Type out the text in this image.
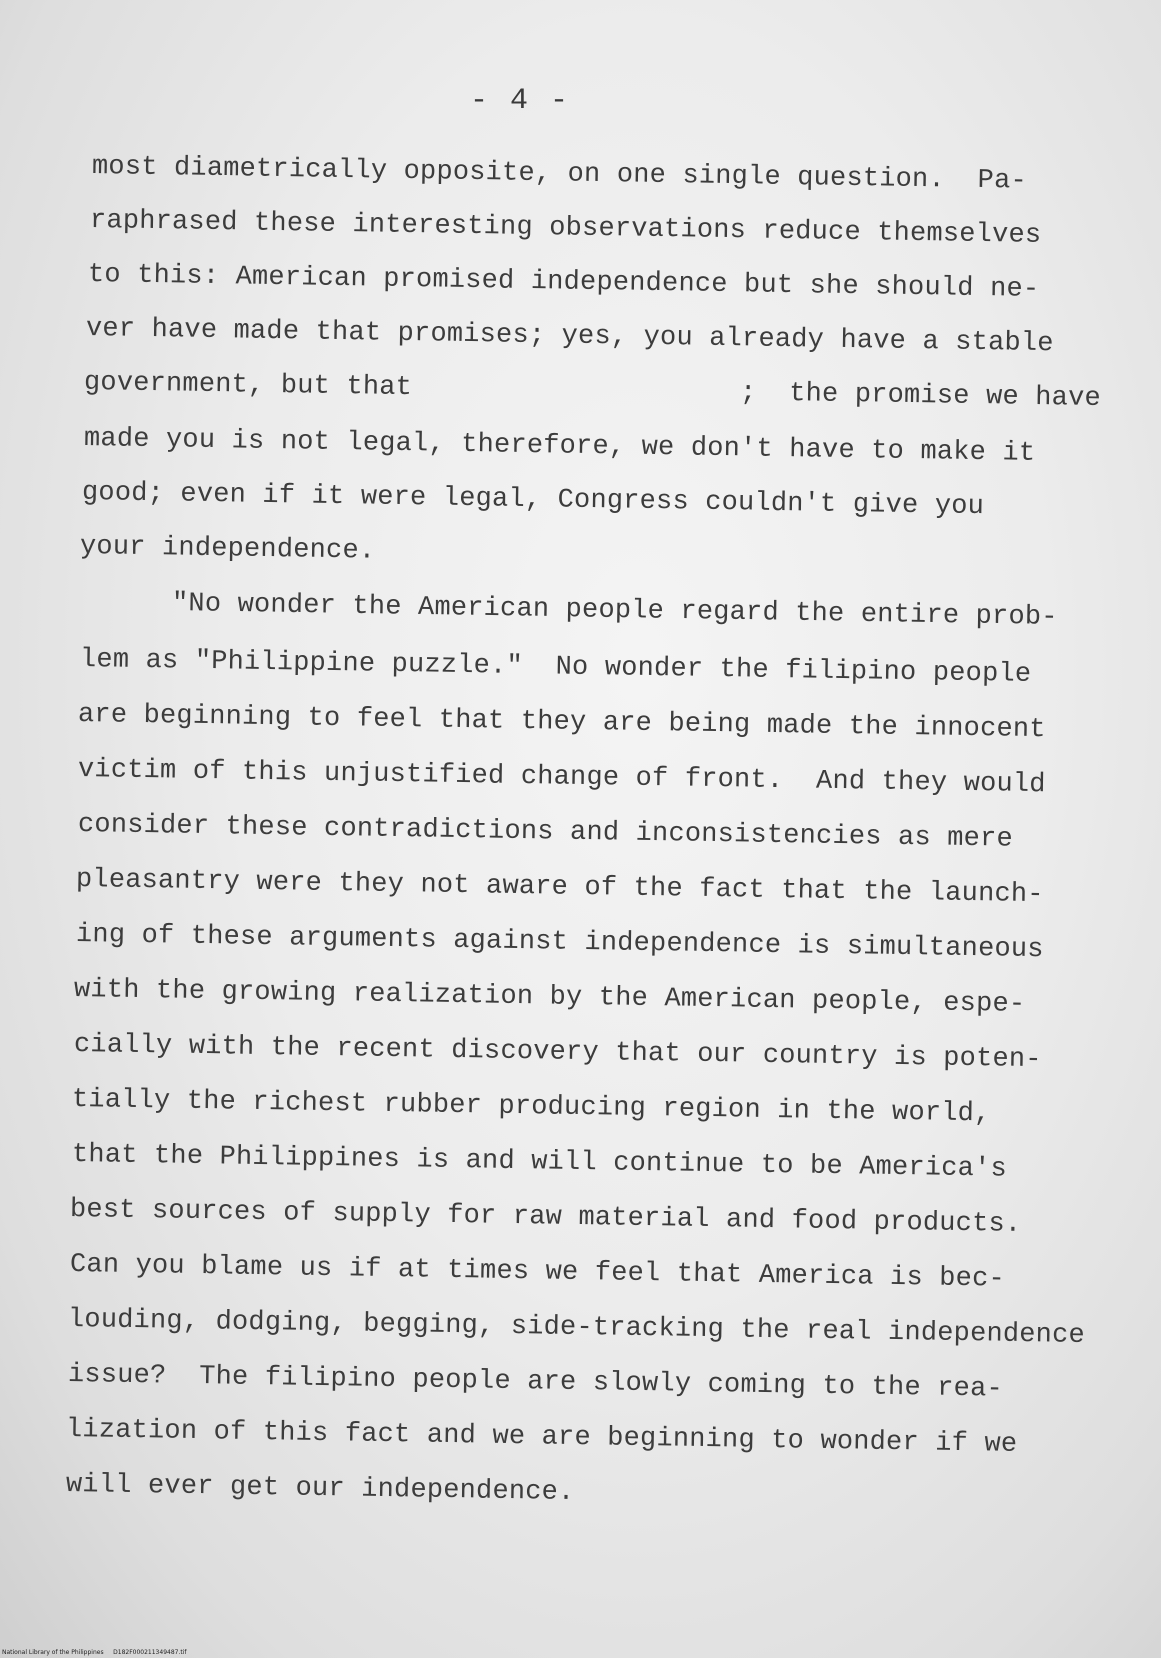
- 4 -
most diametrically opposite, on one single question.  Pa-
raphrased these interesting observations reduce themselves
to this: American promised independence but she should ne-
ver have made that promises; yes, you already have a stable
government, but that                    ;  the promise we have
made you is not legal, therefore, we don't have to make it
good; even if it were legal, Congress couldn't give you
your independence.
"No wonder the American people regard the entire prob-
lem as "Philippine puzzle."  No wonder the filipino people
are beginning to feel that they are being made the innocent
victim of this unjustified change of front.  And they would
consider these contradictions and inconsistencies as mere
pleasantry were they not aware of the fact that the launch-
ing of these arguments against independence is simultaneous
with the growing realization by the American people, espe-
cially with the recent discovery that our country is poten-
tially the richest rubber producing region in the world,
that the Philippines is and will continue to be America's
best sources of supply for raw material and food products.
Can you blame us if at times we feel that America is bec-
louding, dodging, begging, side-tracking the real independence
issue?  The filipino people are slowly coming to the rea-
lization of this fact and we are beginning to wonder if we
will ever get our independence.
National Library of the Philippines D182F000211349487.tif
